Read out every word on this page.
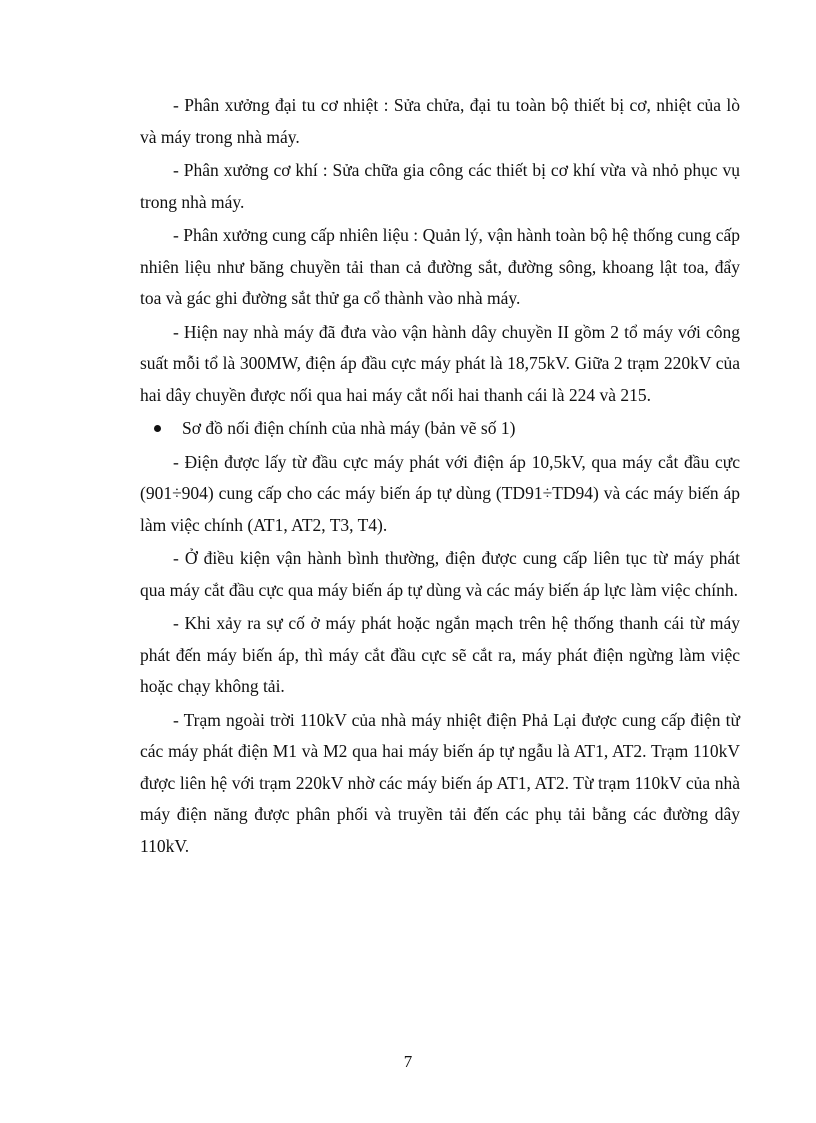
- Phân xưởng đại tu cơ nhiệt : Sửa chửa, đại tu toàn bộ thiết bị cơ, nhiệt của lò và máy trong nhà máy.

- Phân xưởng cơ khí : Sửa chữa gia công các thiết bị cơ khí vừa và nhỏ phục vụ trong nhà máy.

- Phân xưởng cung cấp nhiên liệu : Quản lý, vận hành toàn bộ hệ thống cung cấp nhiên liệu như băng chuyền tải than cả đường sắt, đường sông, khoang lật toa, đẩy toa và gác ghi đường sắt thử ga cổ thành vào nhà máy.

- Hiện nay nhà máy đã đưa vào vận hành dây chuyền II gồm 2 tổ máy với công suất mỗi tổ là 300MW, điện áp đầu cực máy phát là 18,75kV. Giữa 2 trạm 220kV của hai dây chuyền được nối qua hai máy cắt nối hai thanh cái là 224 và 215.

Sơ đồ nối điện chính của nhà máy (bản vẽ số 1)

- Điện được lấy từ đầu cực máy phát với điện áp 10,5kV, qua máy cắt đầu cực (901÷904) cung cấp cho các máy biến áp tự dùng (TD91÷TD94) và các máy biến áp làm việc chính (AT1, AT2, T3, T4).

- Ở điều kiện vận hành bình thường, điện được cung cấp liên tục từ máy phát qua máy cắt đầu cực qua máy biến áp tự dùng và các máy biến áp lực làm việc chính.

- Khi xảy ra sự cố ở máy phát hoặc ngắn mạch trên hệ thống thanh cái từ máy phát đến máy biến áp, thì máy cắt đầu cực sẽ cắt ra, máy phát điện ngừng làm việc hoặc chạy không tải.

- Trạm ngoài trời 110kV của nhà máy nhiệt điện Phả Lại được cung cấp điện từ các máy phát điện M1 và M2 qua hai máy biến áp tự ngẫu là AT1, AT2. Trạm 110kV được liên hệ với trạm 220kV nhờ các máy biến áp AT1, AT2. Từ trạm 110kV của nhà máy điện năng được phân phối và truyền tải đến các phụ tải bằng các đường dây 110kV.

7
